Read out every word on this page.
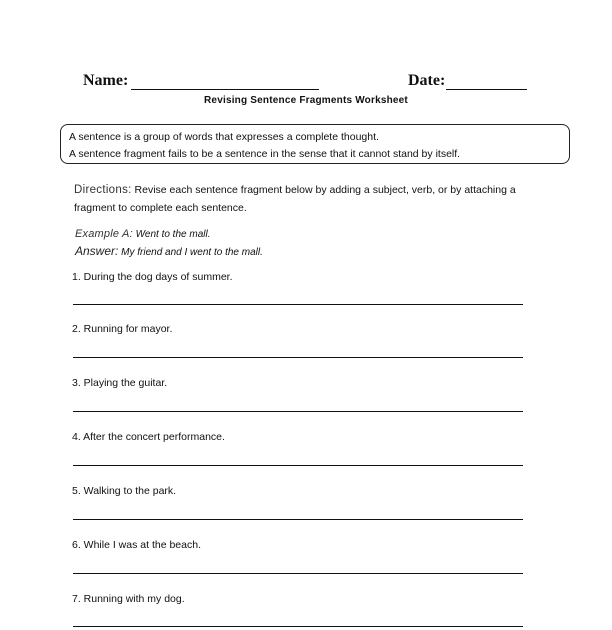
Name:	Date:
Revising Sentence Fragments Worksheet
A sentence is a group of words that expresses a complete thought.
A sentence fragment fails to be a sentence in the sense that it cannot stand by itself.
Directions: Revise each sentence fragment below by adding a subject, verb, or by attaching a fragment to complete each sentence.
Example A: Went to the mall.
Answer: My friend and I went to the mall.
1. During the dog days of summer.
2. Running for mayor.
3. Playing the guitar.
4. After the concert performance.
5. Walking to the park.
6. While I was at the beach.
7. Running with my dog.
